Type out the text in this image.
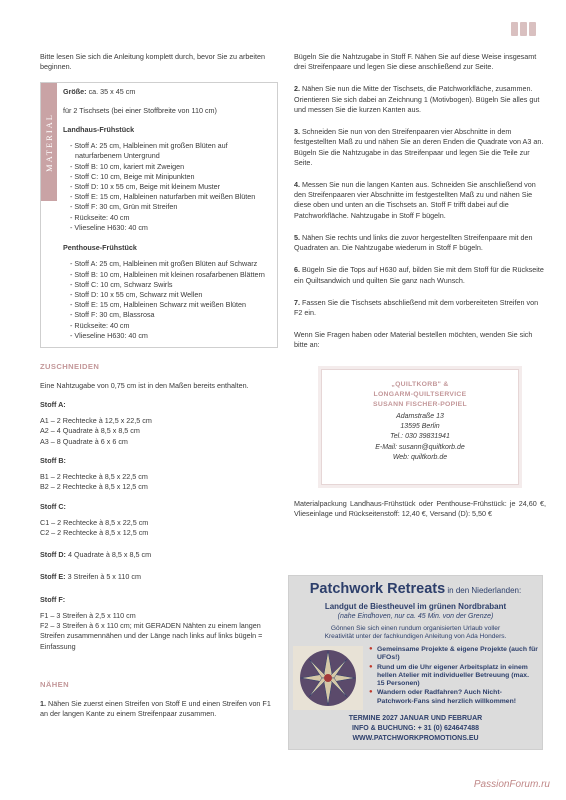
Bitte lesen Sie sich die Anleitung komplett durch, bevor Sie zu arbeiten beginnen.

MATERIAL

Größe: ca. 35 x 45 cm

für 2 Tischsets (bei einer Stoffbreite von 110 cm)

Landhaus-Frühstück

- Stoff A: 25 cm, Halbleinen mit großen Blüten auf naturfarbenem Untergrund

- Stoff B: 10 cm, kariert mit Zweigen

- Stoff C: 10 cm, Beige mit Minipunkten

- Stoff D: 10 x 55 cm, Beige mit kleinem Muster

- Stoff E: 15 cm, Halbleinen naturfarben mit weißen Blüten

- Stoff F: 30 cm, Grün mit Streifen

- Rückseite: 40 cm

- Vlieseline H630: 40 cm

Penthouse-Frühstück

- Stoff A: 25 cm, Halbleinen mit großen Blüten auf Schwarz

- Stoff B: 10 cm, Halbleinen mit kleinen rosafarbenen Blättern

- Stoff C: 10 cm, Schwarz Swirls

- Stoff D: 10 x 55 cm, Schwarz mit Wellen

- Stoff E: 15 cm, Halbleinen Schwarz mit weißen Blüten

- Stoff F: 30 cm, Blassrosa

- Rückseite: 40 cm

- Vlieseline H630: 40 cm

ZUSCHNEIDEN

Eine Nahtzugabe von 0,75 cm ist in den Maßen bereits enthalten.

Stoff A:

A1 – 2 Rechtecke à 12,5 x 22,5 cm

A2 – 4 Quadrate à 8,5 x 8,5 cm

A3 – 8 Quadrate à 6 x 6 cm

Stoff B:

B1 – 2 Rechtecke à 8,5 x 22,5 cm

B2 – 2 Rechtecke à 8,5 x 12,5 cm

Stoff C:

C1 – 2 Rechtecke à 8,5 x 22,5 cm

C2 – 2 Rechtecke à 8,5 x 12,5 cm

Stoff D: 4 Quadrate à 8,5 x 8,5 cm

Stoff E: 3 Streifen à 5 x 110 cm

Stoff F:

F1 – 3 Streifen à 2,5 x 110 cm

F2 – 3 Streifen à 6 x 110 cm; mit GERADEN Nähten zu einem langen Streifen zusammennähen und der Länge nach links auf links bügeln = Einfassung

NÄHEN

1. Nähen Sie zuerst einen Streifen von Stoff E und einen Streifen von F1 an der langen Kante zu einem Streifenpaar zusammen.

Bügeln Sie die Nahtzugabe in Stoff F. Nähen Sie auf diese Weise insgesamt drei Streifenpaare und legen Sie diese anschließend zur Seite.

2. Nähen Sie nun die Mitte der Tischsets, die Patchworkfläche, zusammen. Orientieren Sie sich dabei an Zeichnung 1 (Motivbogen). Bügeln Sie alles gut und messen Sie die kurzen Kanten aus.

3. Schneiden Sie nun von den Streifenpaaren vier Abschnitte in dem festgestellten Maß zu und nähen Sie an deren Enden die Quadrate von A3 an. Bügeln Sie die Nahtzugabe in das Streifenpaar und legen Sie die Teile zur Seite.

4. Messen Sie nun die langen Kanten aus. Schneiden Sie anschließend von den Streifenpaaren vier Abschnitte im festgestellten Maß zu und nähen Sie diese oben und unten an die Tischsets an. Stoff F trifft dabei auf die Patchworkfläche. Nahtzugabe in Stoff F bügeln.

5. Nähen Sie rechts und links die zuvor hergestellten Streifenpaare mit den Quadraten an. Die Nahtzugabe wiederum in Stoff F bügeln.

6. Bügeln Sie die Tops auf H630 auf, bilden Sie mit dem Stoff für die Rückseite ein Quiltsandwich und quilten Sie ganz nach Wunsch.

7. Fassen Sie die Tischsets abschließend mit dem vorbereiteten Streifen von F2 ein.

Wenn Sie Fragen haben oder Material bestellen möchten, wenden Sie sich bitte an:

„QUILTKORB" &
LONGARM-QUILTSERVICE
SUSANN FISCHER-POPIEL
Adamstraße 13
13595 Berlin
Tel.: 030 39831941
E-Mail: susann@quiltkorb.de
Web: quiltkorb.de

Materialpackung Landhaus-Frühstück oder Penthouse-Frühstück: je 24,60 €, Vlieseinlage und Rückseitenstoff: 12,40 €, Versand (D): 5,50 €

Patchwork Retreats in den Niederlanden:
Landgut de Biestheuvel im grünen Nordbrabant
(nahe Eindhoven, nur ca. 45 Min. von der Grenze)
Gönnen Sie sich einen rundum organisierten Urlaub voller
Kreativität unter der fachkundigen Anleitung von Ada Honders.
● Gemeinsame Projekte & eigene Projekte (auch für UFOs!)
● Rund um die Uhr eigener Arbeitsplatz in einem hellen Atelier mit individueller Betreuung (max. 15 Personen)
● Wandern oder Radfahren? Auch Nicht-Patchwork-Fans sind herzlich willkommen!
TERMINE 2027 JANUAR UND FEBRUAR
INFO & BUCHUNG: + 31 (0) 624647488 WWW.PATCHWORKPROMOTIONS.EU
PassionForum.ru
